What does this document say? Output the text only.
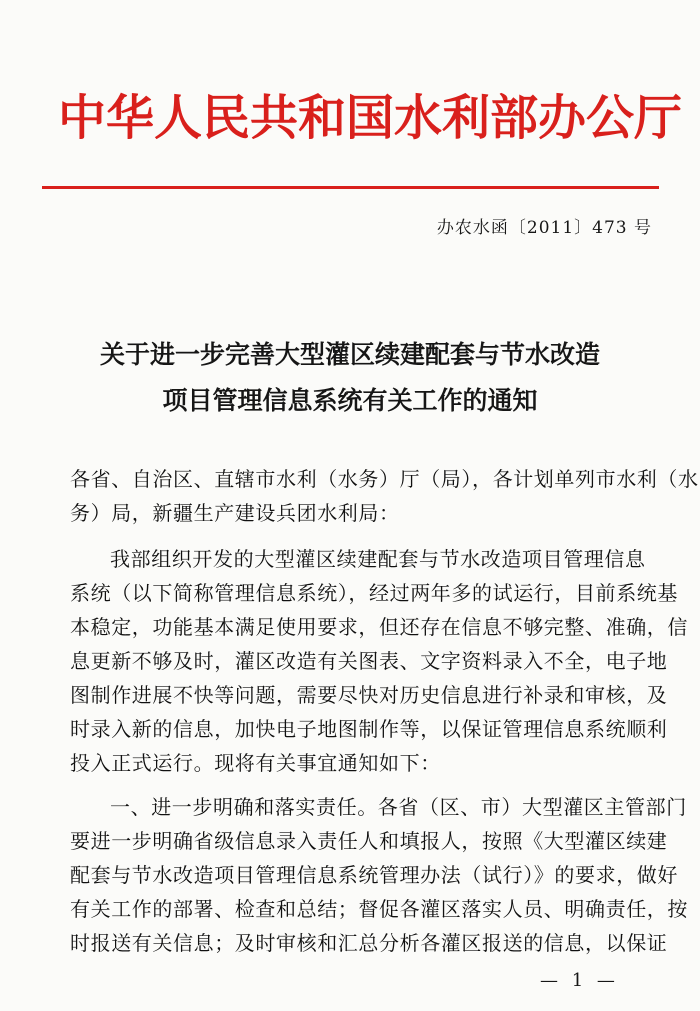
中华人民共和国水利部办公厅
办农水函〔2011〕473 号
关于进一步完善大型灌区续建配套与节水改造
项目管理信息系统有关工作的通知
各省、自治区、直辖市水利（水务）厅（局），各计划单列市水利（水
务）局，新疆生产建设兵团水利局：
我部组织开发的大型灌区续建配套与节水改造项目管理信息
系统（以下简称管理信息系统），经过两年多的试运行，目前系统基
本稳定，功能基本满足使用要求，但还存在信息不够完整、准确，信
息更新不够及时，灌区改造有关图表、文字资料录入不全，电子地
图制作进展不快等问题，需要尽快对历史信息进行补录和审核，及
时录入新的信息，加快电子地图制作等，以保证管理信息系统顺利
投入正式运行。现将有关事宜通知如下：
一、进一步明确和落实责任。各省（区、市）大型灌区主管部门
要进一步明确省级信息录入责任人和填报人，按照《大型灌区续建
配套与节水改造项目管理信息系统管理办法（试行）》的要求，做好
有关工作的部署、检查和总结；督促各灌区落实人员、明确责任，按
时报送有关信息；及时审核和汇总分析各灌区报送的信息，以保证
— 1 —
